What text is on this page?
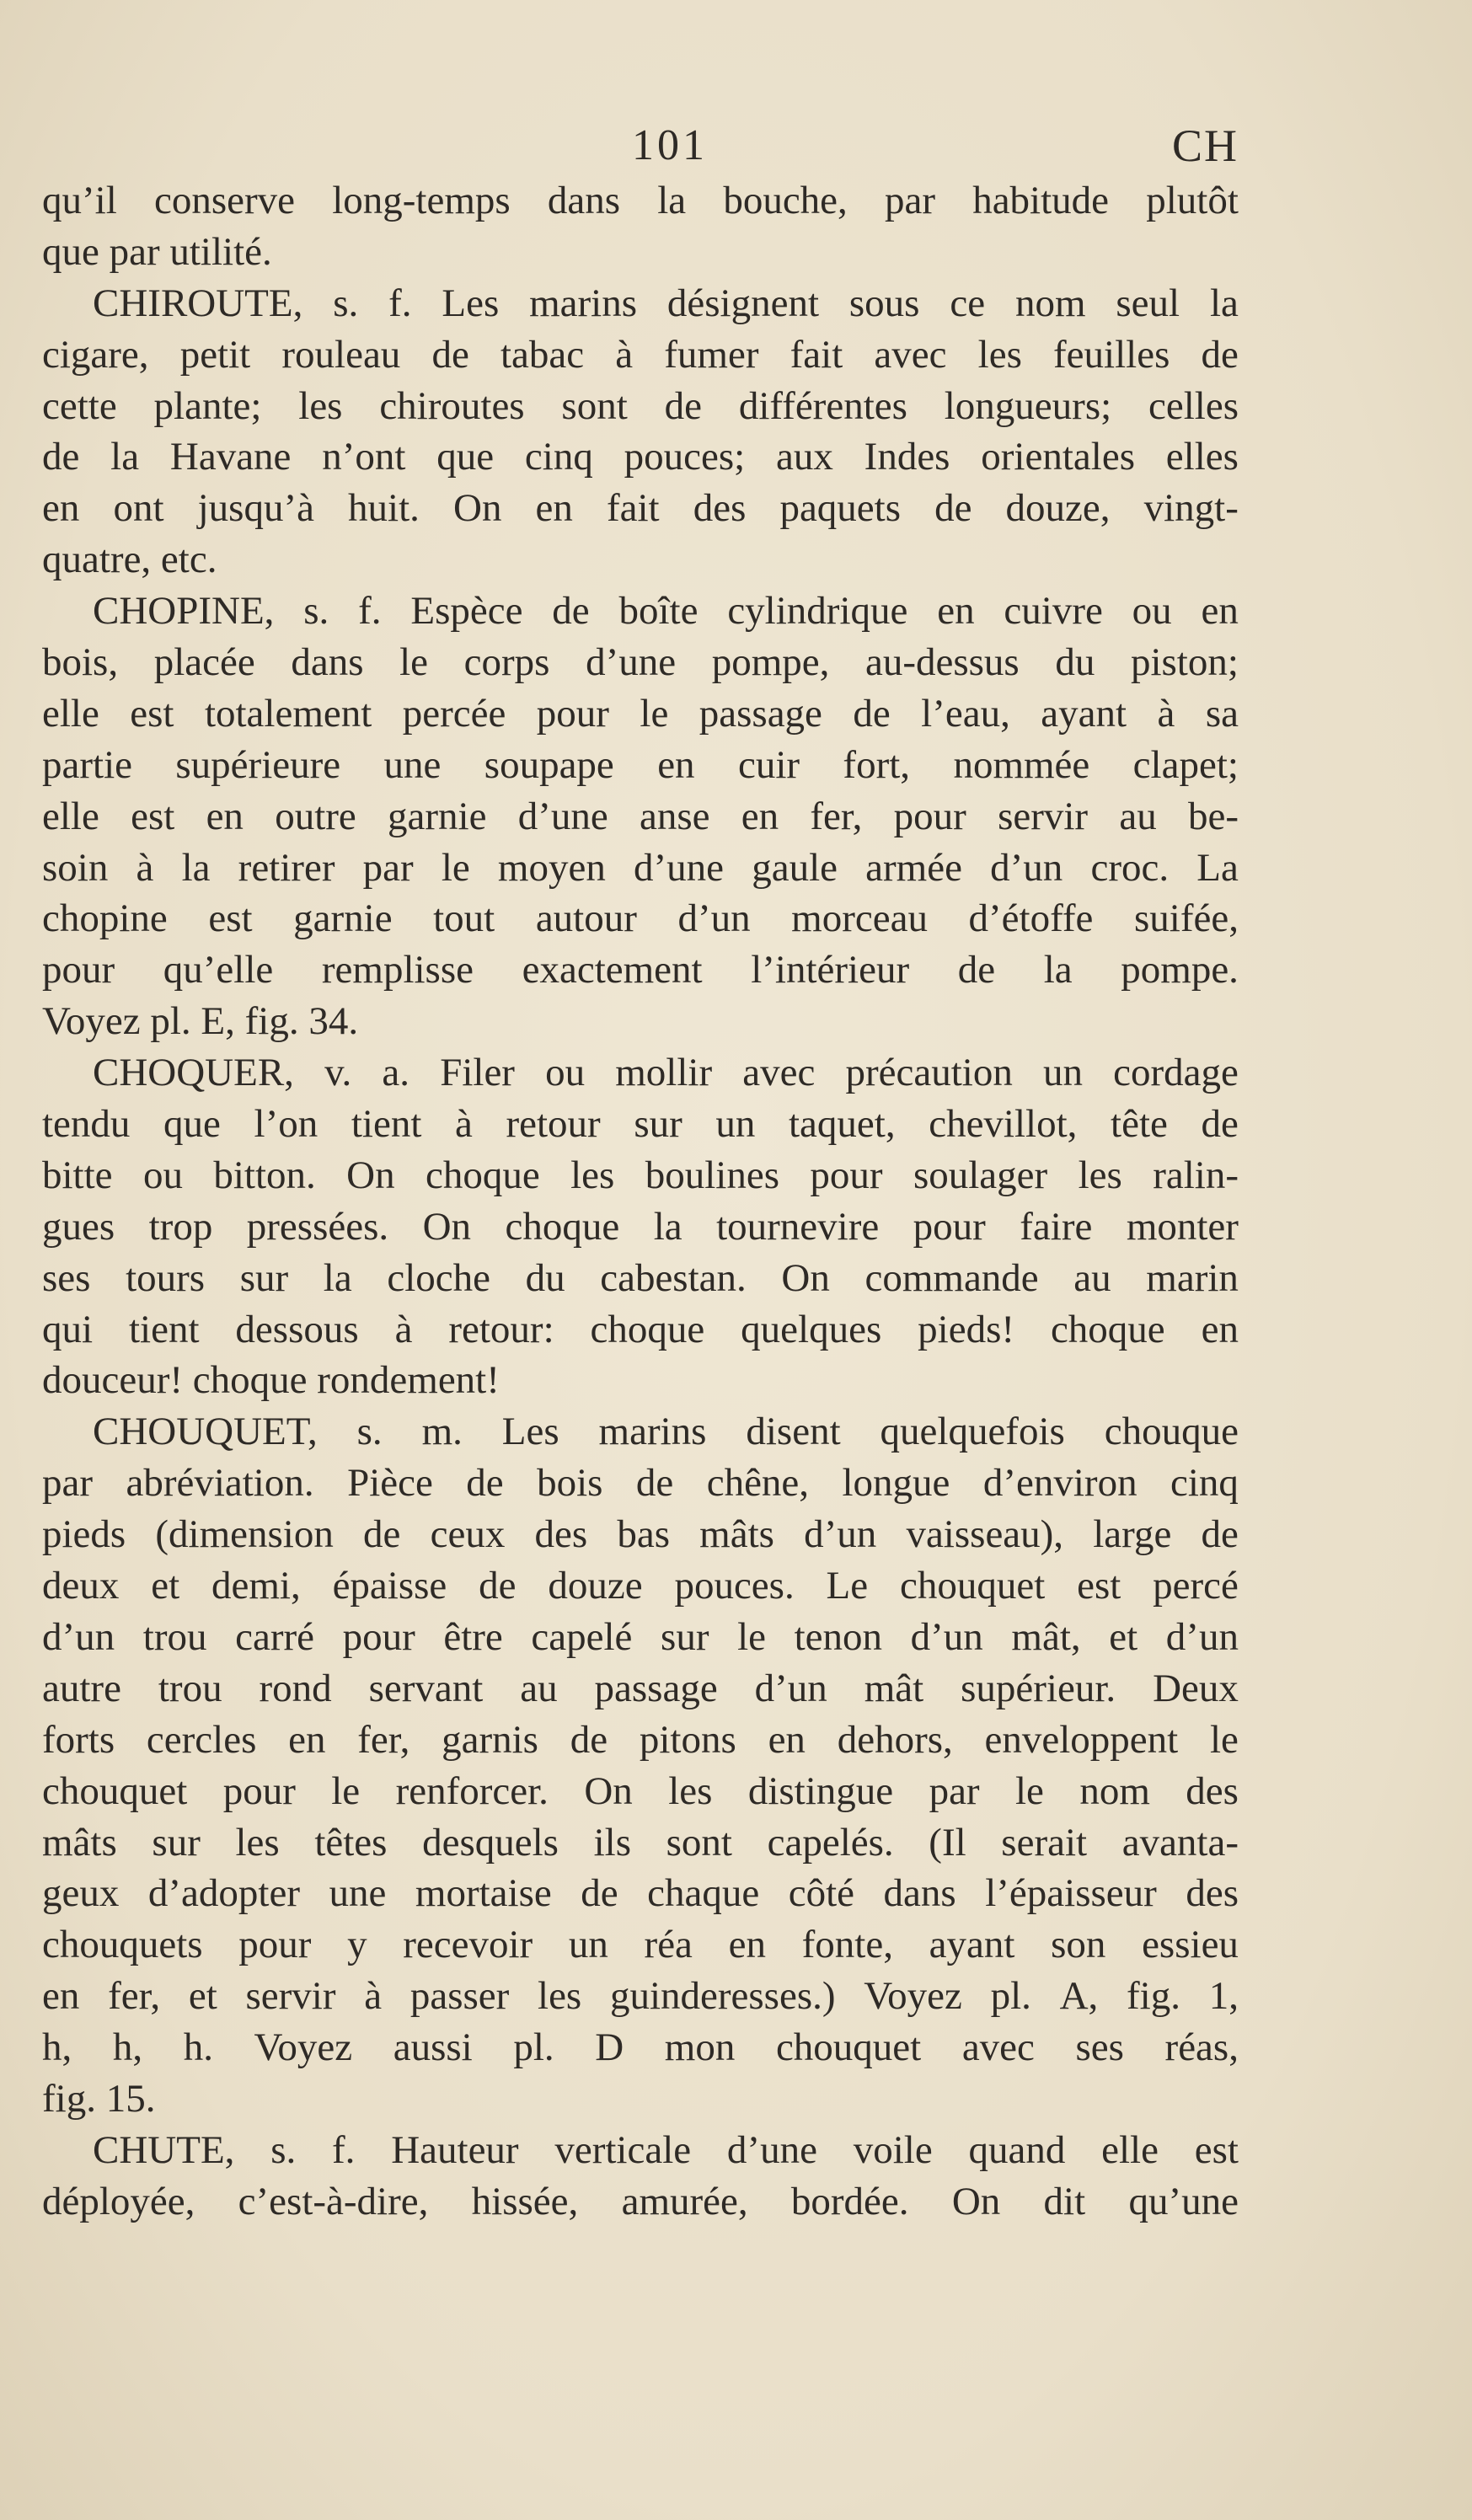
101	CH
qu’il conserve long-temps dans la bouche, par habitude plutôt
que par utilité.
CHIROUTE, s. f. Les marins désignent sous ce nom seul la
cigare, petit rouleau de tabac à fumer fait avec les feuilles de
cette plante; les chiroutes sont de différentes longueurs; celles
de la Havane n’ont que cinq pouces; aux Indes orientales elles
en ont jusqu’à huit. On en fait des paquets de douze, vingt-
quatre, etc.
CHOPINE, s. f. Espèce de boîte cylindrique en cuivre ou en
bois, placée dans le corps d’une pompe, au-dessus du piston;
elle est totalement percée pour le passage de l’eau, ayant à sa
partie supérieure une soupape en cuir fort, nommée clapet;
elle est en outre garnie d’une anse en fer, pour servir au be-
soin à la retirer par le moyen d’une gaule armée d’un croc. La
chopine est garnie tout autour d’un morceau d’étoffe suifée,
pour qu’elle remplisse exactement l’intérieur de la pompe.
Voyez pl. E, fig. 34.
CHOQUER, v. a. Filer ou mollir avec précaution un cordage
tendu que l’on tient à retour sur un taquet, chevillot, tête de
bitte ou bitton. On choque les boulines pour soulager les ralin-
gues trop pressées. On choque la tournevire pour faire monter
ses tours sur la cloche du cabestan. On commande au marin
qui tient dessous à retour: choque quelques pieds! choque en
douceur! choque rondement!
CHOUQUET, s. m. Les marins disent quelquefois chouque
par abréviation. Pièce de bois de chêne, longue d’environ cinq
pieds (dimension de ceux des bas mâts d’un vaisseau), large de
deux et demi, épaisse de douze pouces. Le chouquet est percé
d’un trou carré pour être capelé sur le tenon d’un mât, et d’un
autre trou rond servant au passage d’un mât supérieur. Deux
forts cercles en fer, garnis de pitons en dehors, enveloppent le
chouquet pour le renforcer. On les distingue par le nom des
mâts sur les têtes desquels ils sont capelés. (Il serait avanta-
geux d’adopter une mortaise de chaque côté dans l’épaisseur des
chouquets pour y recevoir un réa en fonte, ayant son essieu
en fer, et servir à passer les guinderesses.) Voyez pl. A, fig. 1,
h, h, h. Voyez aussi pl. D mon chouquet avec ses réas,
fig. 15.
CHUTE, s. f. Hauteur verticale d’une voile quand elle est
déployée, c’est-à-dire, hissée, amurée, bordée. On dit qu’une
